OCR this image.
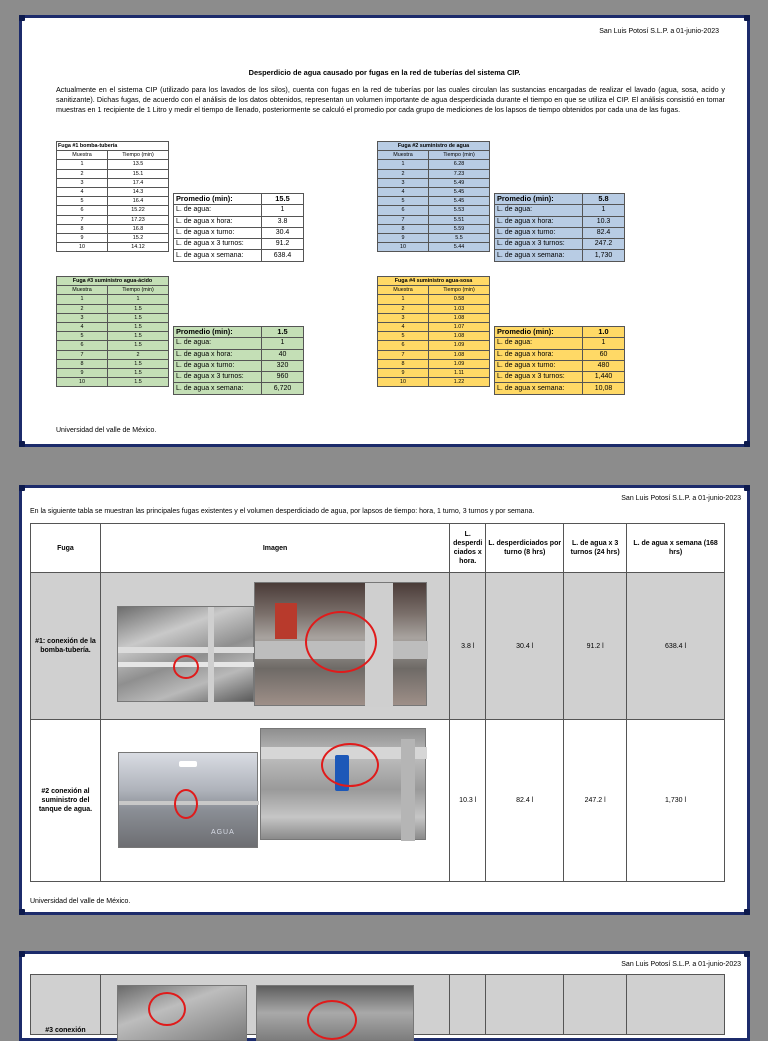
San Luis Potosí S.L.P. a 01-junio-2023
Desperdicio de agua causado por fugas en la red de tuberías del sistema CIP.

Actualmente en el sistema CIP (utilizado para los lavados de los silos), cuenta con fugas en la red de tuberías por las cuales circulan las sustancias encargadas de realizar el lavado (agua, sosa, acido y sanitizante). Dichas fugas, de acuerdo con el análisis de los datos obtenidos, representan un volumen importante de agua desperdiciada durante el tiempo en que se utiliza el CIP. El análisis consistió en tomar muestras en 1 recipiente de 1 Litro y medir el tiempo de llenado, posteriormente se calculó el promedio por cada grupo de mediciones de los lapsos de tiempo obtenidos por cada una de las fugas.

Fuga #1 bomba-tubería	
Muestra	Tiempo (min)
1	13.5
2	15.1
3	17.4
4	14.3
5	16.4
6	15.22
7	17.23
8	16.8
9	15.2
10	14.12
Promedio (min):	15.5
L. de agua:	1
L. de agua x hora:	3.8
L. de agua x turno:	30.4
L. de agua x 3 turnos:	91.2
L. de agua x semana:	638.4
Fuga #2 suministro de agua	
Muestra	Tiempo (min)
1	6.28
2	7.23
3	5.49
4	5.45
5	5.45
6	5.53
7	5.51
8	5.59
9	5.5
10	5.44
Promedio (min):	5.8
L. de agua:	1
L. de agua x hora:	10.3
L. de agua x turno:	82.4
L. de agua x 3 turnos:	247.2
L. de agua x semana:	1,730
Fuga #3 suministro agua-ácido	
Muestra	Tiempo (min)
1	1
2	1.5
3	1.5
4	1.5
5	1.5
6	1.5
7	2
8	1.5
9	1.5
10	1.5
Promedio (min):	1.5
L. de agua:	1
L. de agua x hora:	40
L. de agua x turno:	320
L. de agua x 3 turnos:	960
L. de agua x semana:	6,720
Fuga #4 suministro agua-sosa	
Muestra	Tiempo (min)
1	0.58
2	1.03
3	1.08
4	1.07
5	1.08
6	1.09
7	1.08
8	1.09
9	1.11
10	1.22
Promedio (min):	1.0
L. de agua:	1
L. de agua x hora:	60
L. de agua x turno:	480
L. de agua x 3 turnos:	1,440
L. de agua x semana:	10,08
Universidad del valle de México.
San Luis Potosí S.L.P. a 01-junio-2023
En la siguiente tabla se muestran las principales fugas existentes y el volumen desperdiciado de agua, por lapsos de tiempo: hora, 1 turno, 3 turnos y por semana.
Fuga	Imagen	L. desperdi ciados x hora.	L. desperdiciados por turno (8 hrs)	L. de agua x 3 turnos (24 hrs)	L. de agua x semana (168 hrs)
#1: conexión de la bomba-tubería.		3.8 l	30.4 l	91.2 l	638.4 l
#2 conexión al suministro del tanque de agua.	AGUA	10.3 l	82.4 l	247.2 l	1,730 l
Universidad del valle de México.
San Luis Potosí S.L.P. a 01-junio-2023
#3 conexión	
